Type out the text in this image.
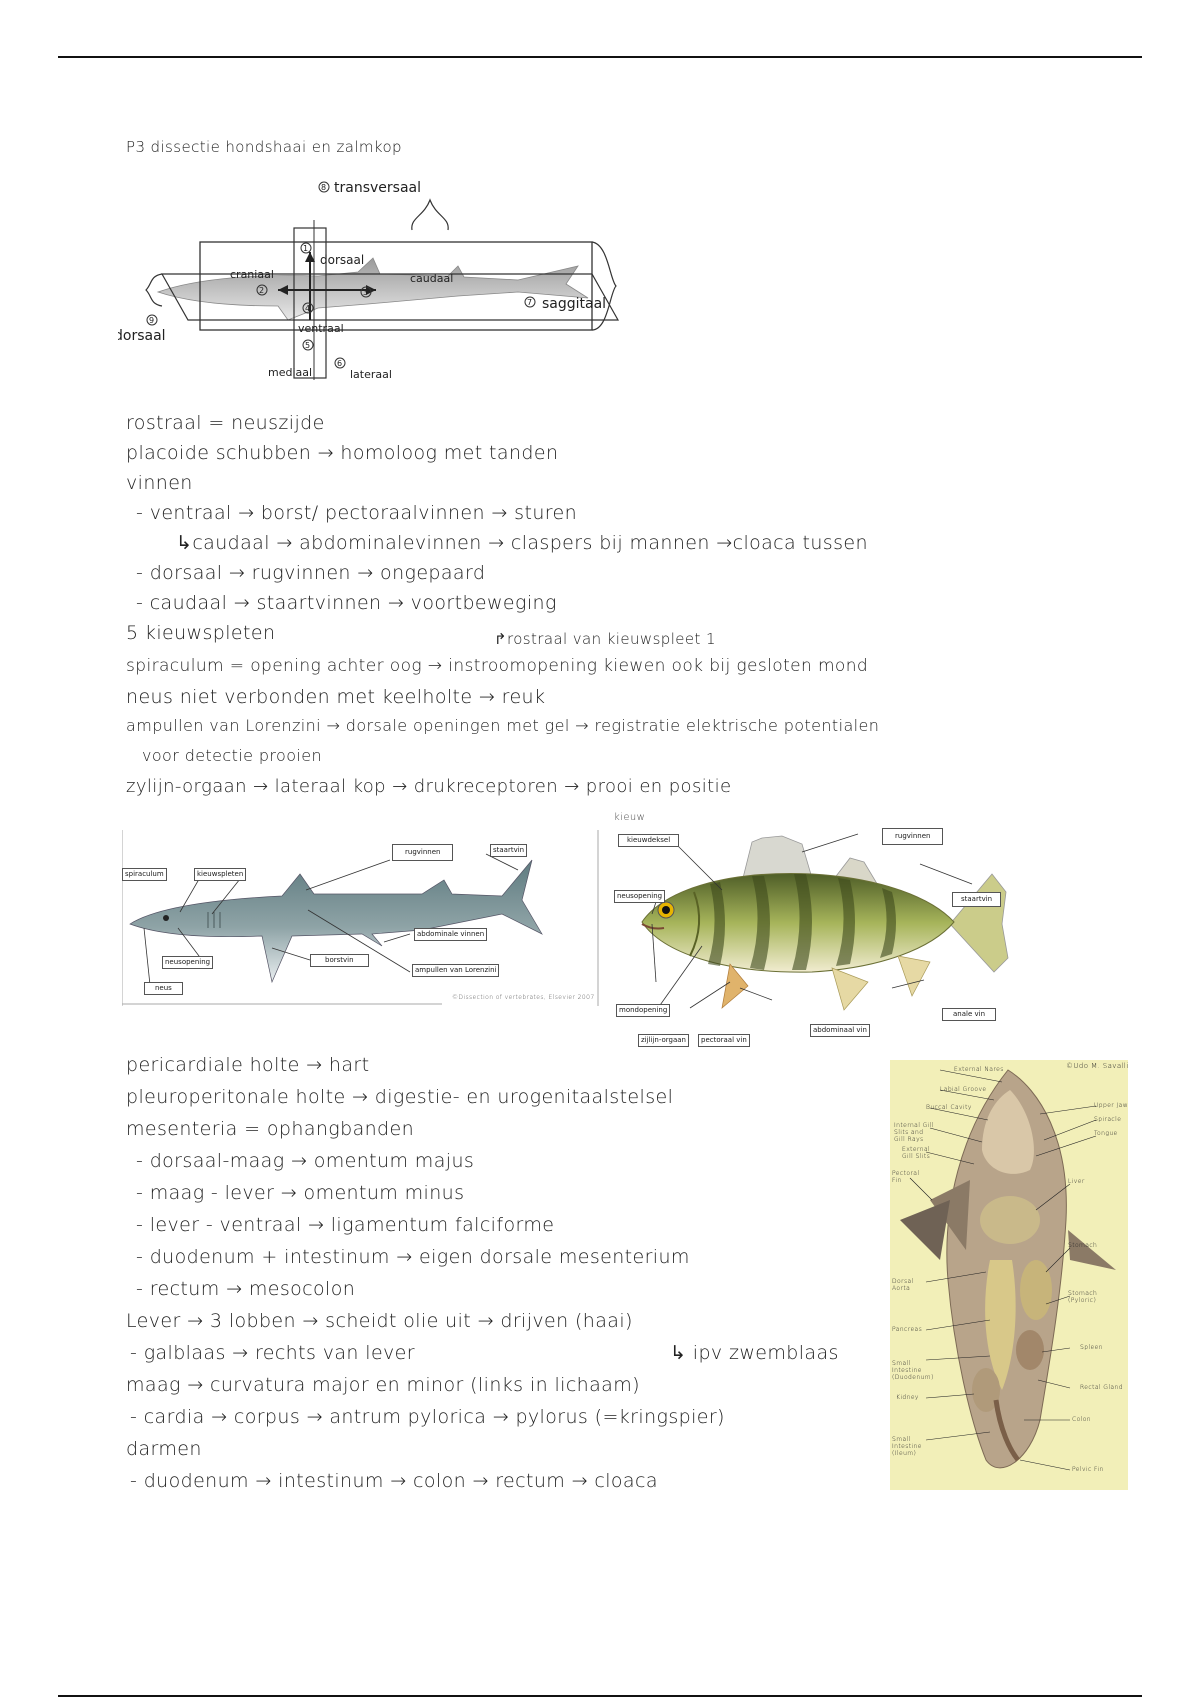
P3 dissectie hondshaai en zalmkop
8
1
2	3
4
5
6
7
9
transversaal
craniaal
dorsaal
caudaal
saggitaal
ventraal
dorsaal
mediaal	lateraal
rostraal = neuszijde
placoide schubben → homoloog met tanden
vinnen
- ventraal → borst/ pectoraalvinnen → sturen
↳caudaal → abdominalevinnen → claspers bij mannen →cloaca tussen
- dorsaal → rugvinnen → ongepaard
- caudaal → staartvinnen → voortbeweging
5 kieuwspleten	↱rostraal van kieuwspleet 1
spiraculum = opening achter oog → instroomopening kiewen ook bij gesloten mond
neus niet verbonden met keelholte → reuk
ampullen van Lorenzini → dorsale openingen met gel → registratie elektrische potentialen
voor detectie prooien
zylijn-orgaan → lateraal kop → drukreceptoren → prooi en positie
spiraculum	kieuwspleten
rugvinnen	staartvin
abdominale vinnen
neusopening	borstvin
ampullen van Lorenzini
neus
©Dissection of vertebrates, Elsevier 2007
kieuw
kieuwdeksel	rugvinnen
staartvin
neusopening
mondopening
zijlijn-orgaan	pectoraal vin
abdominaal vin
anale vin
pericardiale holte → hart
pleuroperitonale holte → digestie- en urogenitaalstelsel
mesenteria = ophangbanden
- dorsaal-maag → omentum majus
- maag - lever → omentum minus
- lever - ventraal → ligamentum falciforme
- duodenum + intestinum → eigen dorsale mesenterium
- rectum → mesocolon
Lever → 3 lobben → scheidt olie uit → drijven (haai)
- galblaas → rechts van lever	↳ ipv zwemblaas
maag → curvatura major en minor (links in lichaam)
- cardia → corpus → antrum pylorica → pylorus (=kringspier)
darmen
- duodenum → intestinum → colon → rectum → cloaca
©Udo M. Savalli
External Nares
Labial Groove
Buccal Cavity
Internal Gill Slits and Gill Rays
External Gill Slits
Pectoral Fin
Dorsal Aorta
Pancreas
Small Intestine (Duodenum)
Kidney
Small Intestine (Ileum)
Upper Jaw
Spiracle
Tongue
Liver
Stomach
Stomach (Pyloric)
Spleen
Rectal Gland
Colon
Pelvic Fin
